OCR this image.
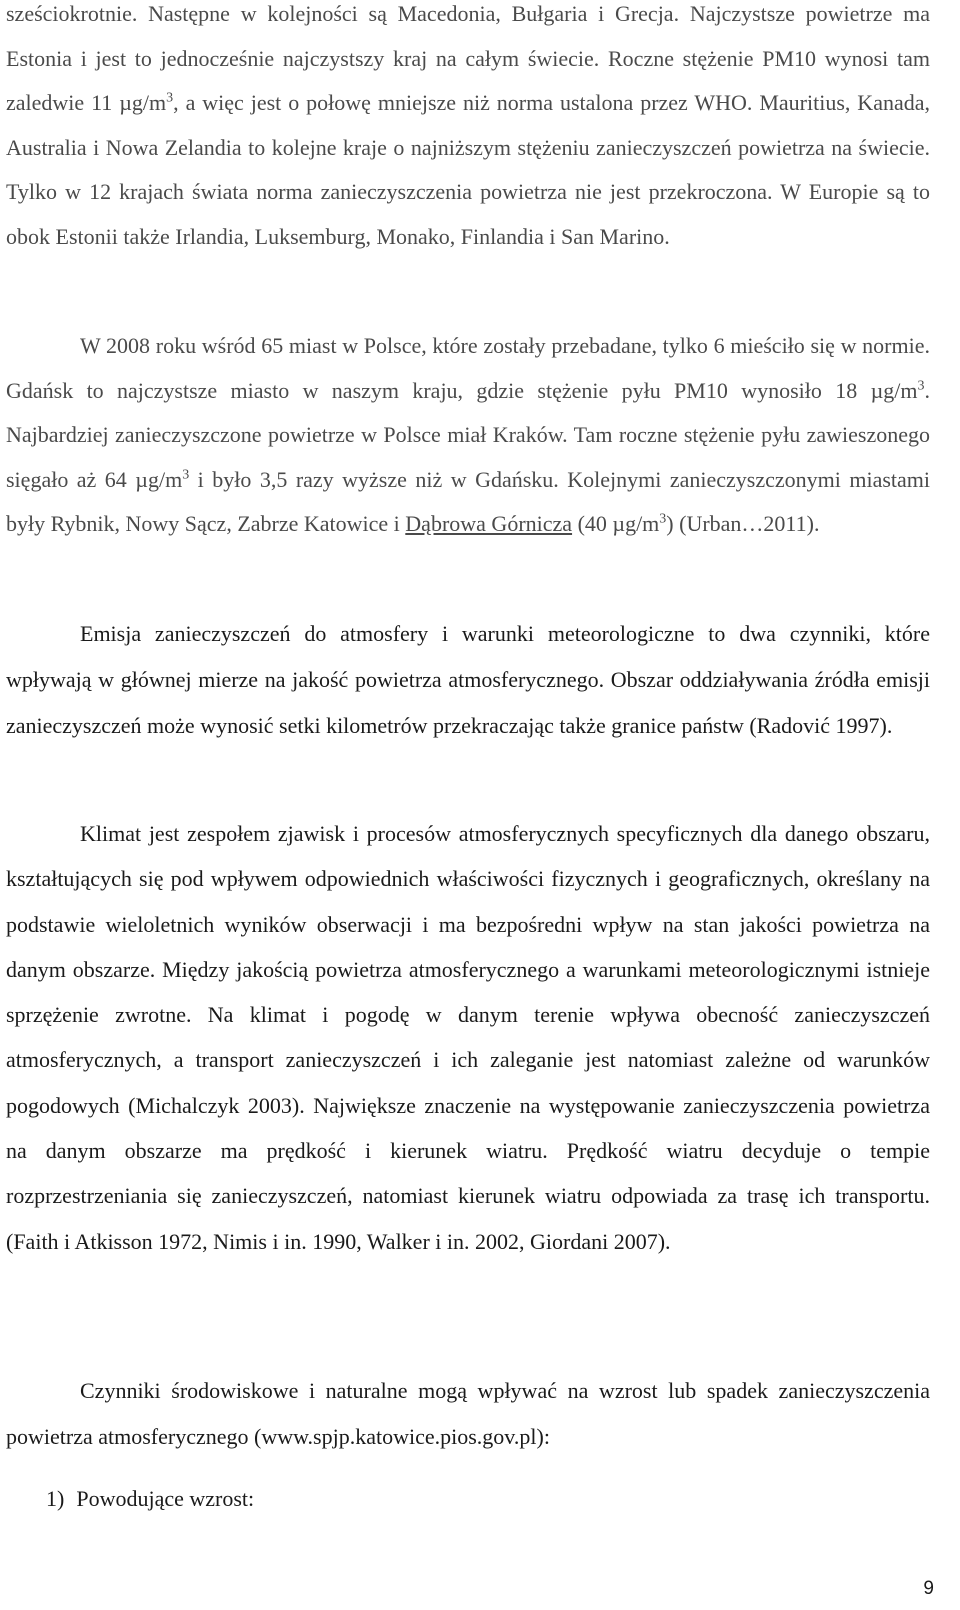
sześciokrotnie. Następne w kolejności są Macedonia, Bułgaria i Grecja. Najczystsze powietrze ma Estonia i jest to jednocześnie najczystszy kraj na całym świecie. Roczne stężenie PM10 wynosi tam zaledwie 11 $\mu g/m^3$, a więc jest o połowę mniejsze niż norma ustalona przez WHO. Mauritius, Kanada, Australia i Nowa Zelandia to kolejne kraje o najniższym stężeniu zanieczyszczeń powietrza na świecie. Tylko w 12 krajach świata norma zanieczyszczenia powietrza nie jest przekroczona. W Europie są to obok Estonii także Irlandia, Luksemburg, Monako, Finlandia i San Marino.

W 2008 roku wśród 65 miast w Polsce, które zostały przebadane, tylko 6 mieściło się w normie. Gdańsk to najczystsze miasto w naszym kraju, gdzie stężenie pyłu PM10 wynosiło 18 $\mu g/m^3$. Najbardziej zanieczyszczone powietrze w Polsce miał Kraków. Tam roczne stężenie pyłu zawieszonego sięgało aż 64 $\mu g/m^3$ i było 3,5 razy wyższe niż w Gdańsku. Kolejnymi zanieczyszczonymi miastami były Rybnik, Nowy Sącz, Zabrze Katowice i Dąbrowa Górnicza (40 $\mu g/m^3$) (Urban…2011).

Emisja zanieczyszczeń do atmosfery i warunki meteorologiczne to dwa czynniki, które wpływają w głównej mierze na jakość powietrza atmosferycznego. Obszar oddziaływania źródła emisji zanieczyszczeń może wynosić setki kilometrów przekraczając także granice państw (Radović 1997).

Klimat jest zespołem zjawisk i procesów atmosferycznych specyficznych dla danego obszaru, kształtujących się pod wpływem odpowiednich właściwości fizycznych i geograficznych, określany na podstawie wieloletnich wyników obserwacji i ma bezpośredni wpływ na stan jakości powietrza na danym obszarze. Między jakością powietrza atmosferycznego a warunkami meteorologicznymi istnieje sprzężenie zwrotne. Na klimat i pogodę w danym terenie wpływa obecność zanieczyszczeń atmosferycznych, a transport zanieczyszczeń i ich zaleganie jest natomiast zależne od warunków pogodowych (Michalczyk 2003). Największe znaczenie na występowanie zanieczyszczenia powietrza na danym obszarze ma prędkość i kierunek wiatru. Prędkość wiatru decyduje o tempie rozprzestrzeniania się zanieczyszczeń, natomiast kierunek wiatru odpowiada za trasę ich transportu. (Faith i Atkisson 1972, Nimis i in. 1990, Walker i in. 2002, Giordani 2007).

Czynniki środowiskowe i naturalne mogą wpływać na wzrost lub spadek zanieczyszczenia powietrza atmosferycznego (www.spjp.katowice.pios.gov.pl):

1) Powodujące wzrost:
9
